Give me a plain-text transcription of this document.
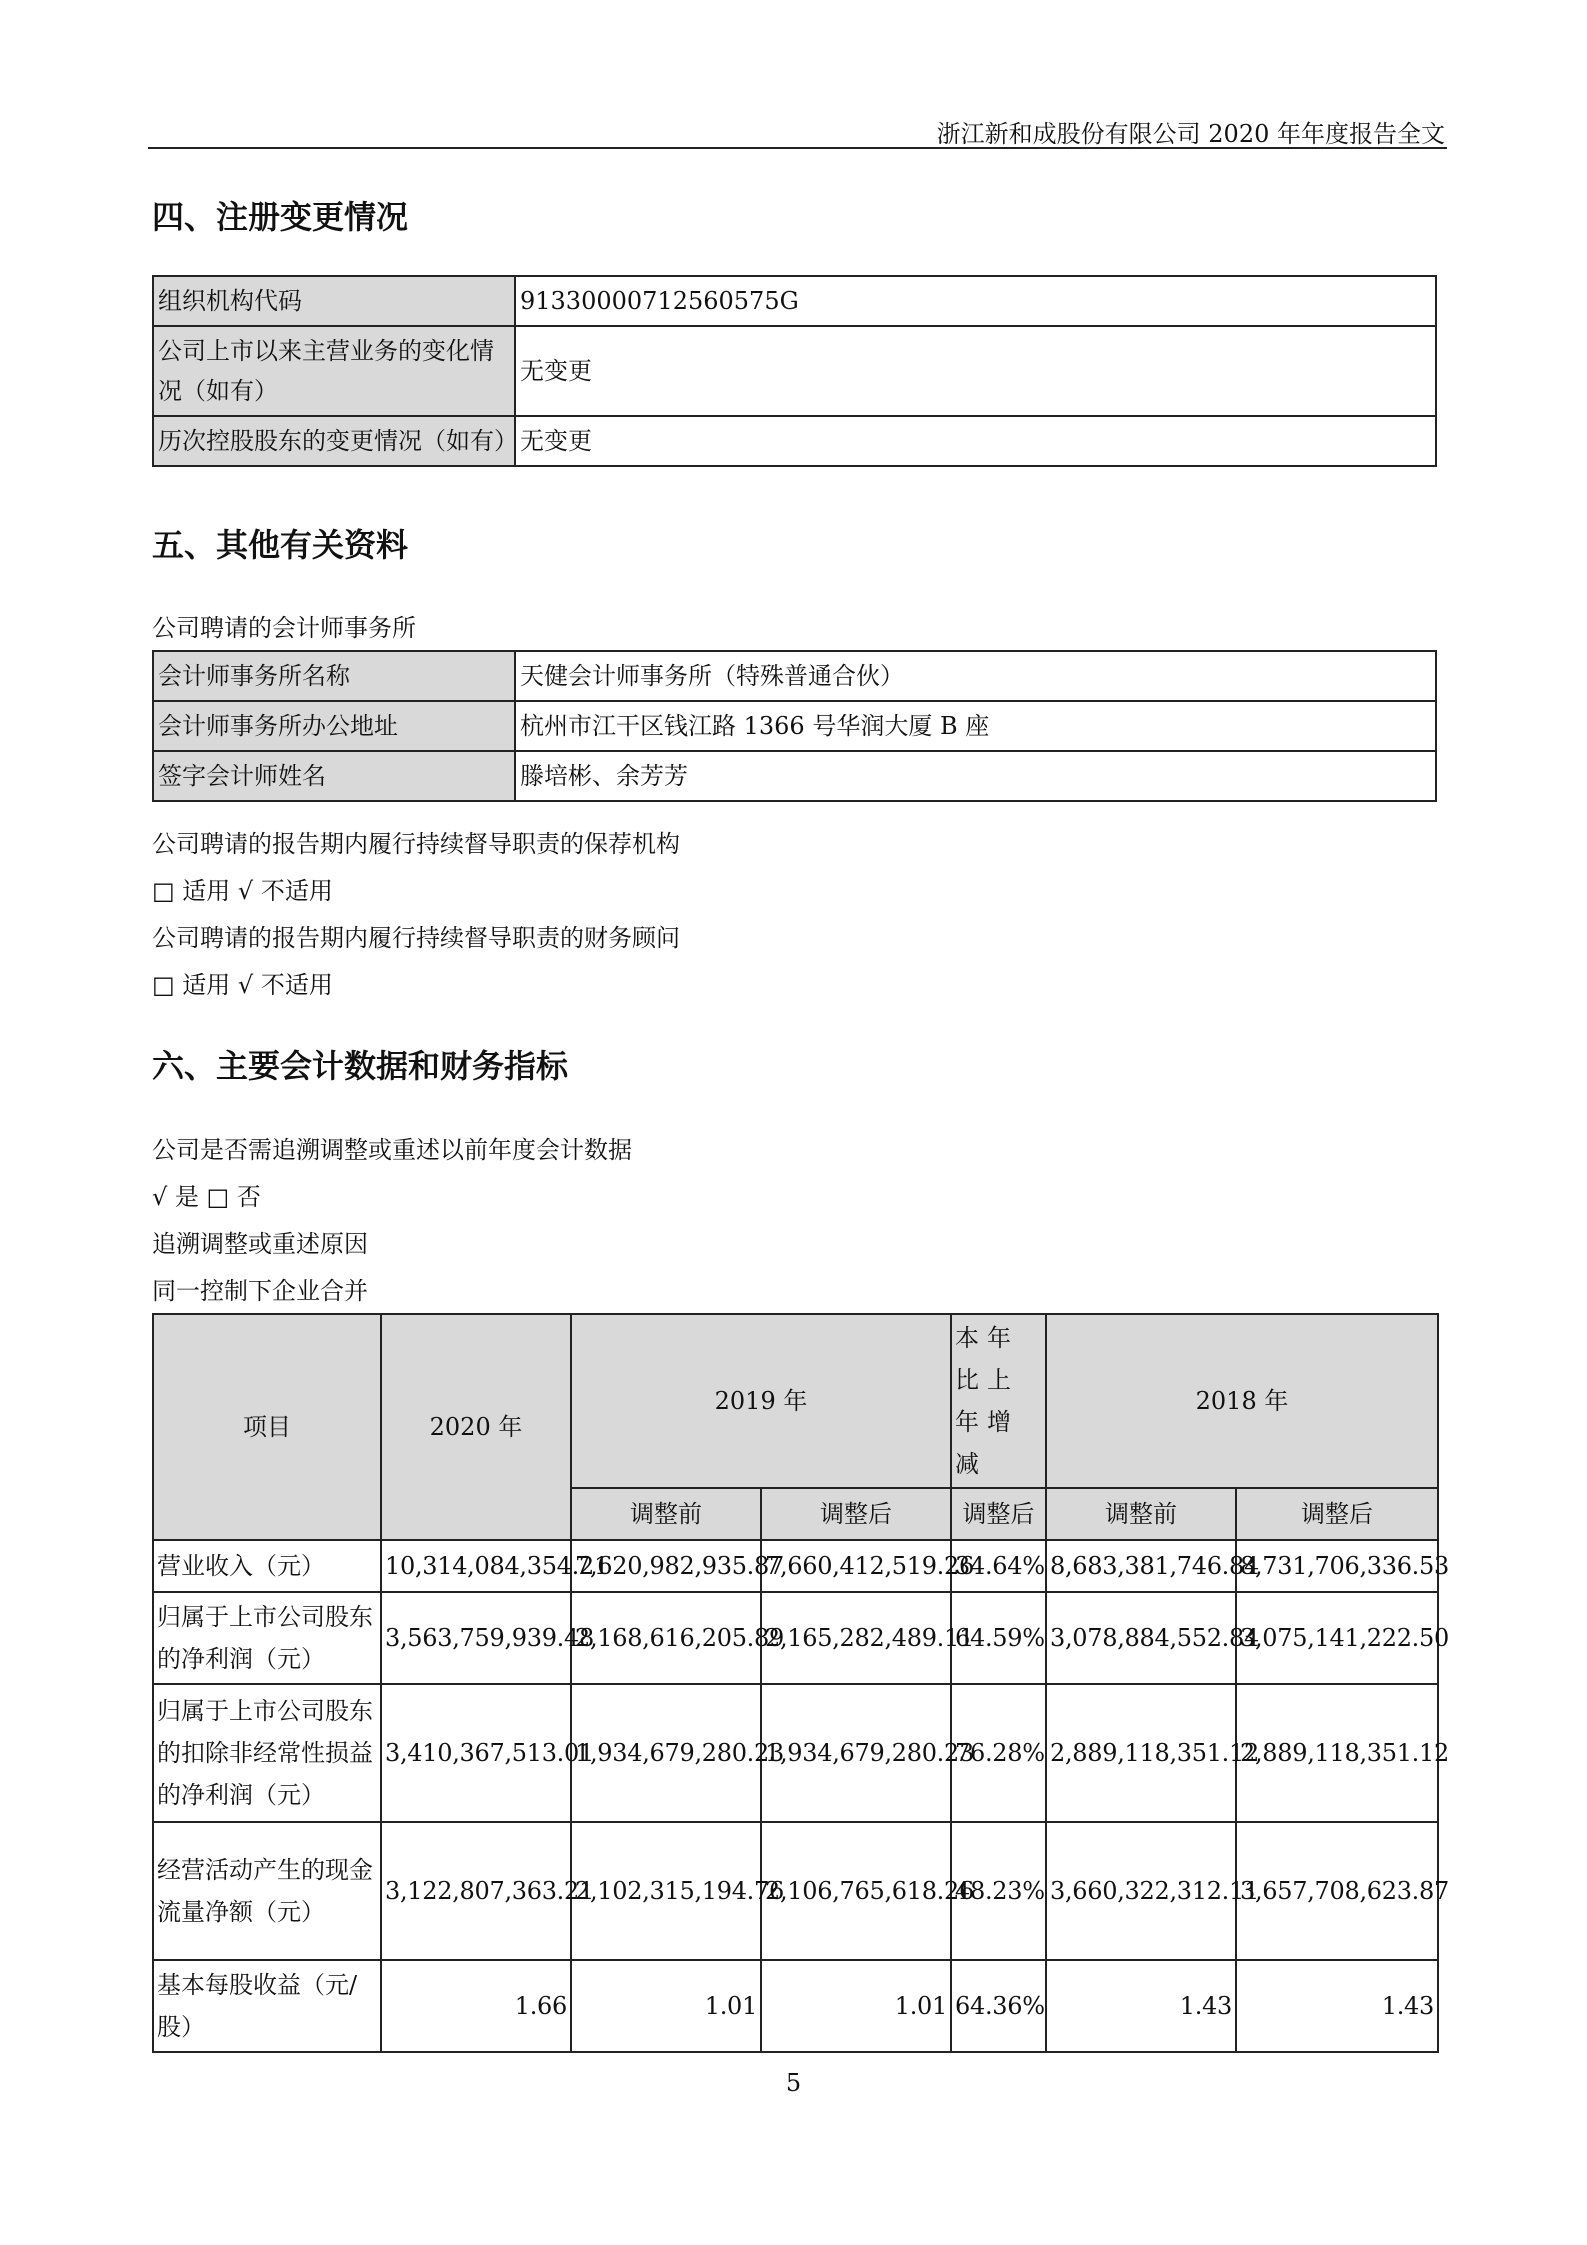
浙江新和成股份有限公司 2020 年年度报告全文
四、注册变更情况
组织机构代码	91330000712560575G
公司上市以来主营业务的变化情况（如有）	无变更
历次控股股东的变更情况（如有）	无变更
五、其他有关资料
公司聘请的会计师事务所
会计师事务所名称	天健会计师事务所（特殊普通合伙）
会计师事务所办公地址	杭州市江干区钱江路 1366 号华润大厦 B 座
签字会计师姓名	滕培彬、余芳芳
公司聘请的报告期内履行持续督导职责的保荐机构
□ 适用 √ 不适用
公司聘请的报告期内履行持续督导职责的财务顾问
□ 适用 √ 不适用
六、主要会计数据和财务指标
公司是否需追溯调整或重述以前年度会计数据
√ 是 □ 否
追溯调整或重述原因
同一控制下企业合并
项目	2020 年	2019 年		本年比上年增减	2018 年	
		调整前	调整后	调整后	调整前	调整后
营业收入（元）	10,314,084,354.21	7,620,982,935.87	7,660,412,519.26	34.64%	8,683,381,746.84	8,731,706,336.53
归属于上市公司股东的净利润（元）	3,563,759,939.48	2,168,616,205.89	2,165,282,489.11	64.59%	3,078,884,552.84	3,075,141,222.50
归属于上市公司股东的扣除非经常性损益的净利润（元）	3,410,367,513.01	1,934,679,280.23	1,934,679,280.23	76.28%	2,889,118,351.12	2,889,118,351.12
经营活动产生的现金流量净额（元）	3,122,807,363.21	2,102,315,194.76	2,106,765,618.26	48.23%	3,660,322,312.11	3,657,708,623.87
基本每股收益（元/股）	1.66	1.01	1.01	64.36%	1.43	1.43
5
